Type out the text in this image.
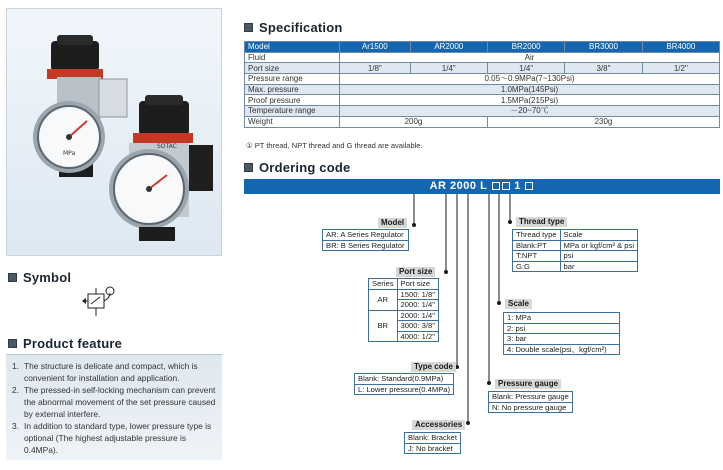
MPa
SOTAC
Symbol
Product feature
1. The structure is delicate and compact, which is
convenient for installation and application.
2. The pressed-in self-locking mechanism can prevent
the abnormal movement of the set pressure caused
by external interfere.
3. In addition to standard type, lower pressure type is
optional (The highest adjustable pressure is 0.4MPa).
Specification
Model	Ar1500	AR2000	BR2000	BR3000	BR4000
Fluid	Air				
Port size	1/8"	1/4"	1/4"	3/8"	1/2"
Pressure range	0.05～0.9MPa(7~130Psi)				
Max. pressure	1.0MPa(145Psi)				
Proof pressure	1.5MPa(215Psi)				
Temperature range	－20~70℃				
Weight	200g		230g		
① PT thread, NPT thread and G thread are available.
Ordering code
AR 2000 L 1
Model
AR: A Series Regulator
BR: B Series Regulator
Port size
Series	Port size
AR	1500: 1/8"
	2000: 1/4"
BR	2000: 1/4"
	3000: 3/8"
	4000: 1/2"
Type code
Blank: Standard(0.9MPa)
L: Lower pressure(0.4MPa)
Accessories
Blank: Bracket
J: No bracket
Thread type
Thread type	Scale
Blank:PT	MPa or kgf/cm² & psi
T:NPT	psi
G:G	bar
Scale
1: MPa
2: psi
3: bar
4: Double scale(psi、kgf/cm²)
Pressure gauge
Blank: Pressure gauge
N: No pressure gauge
